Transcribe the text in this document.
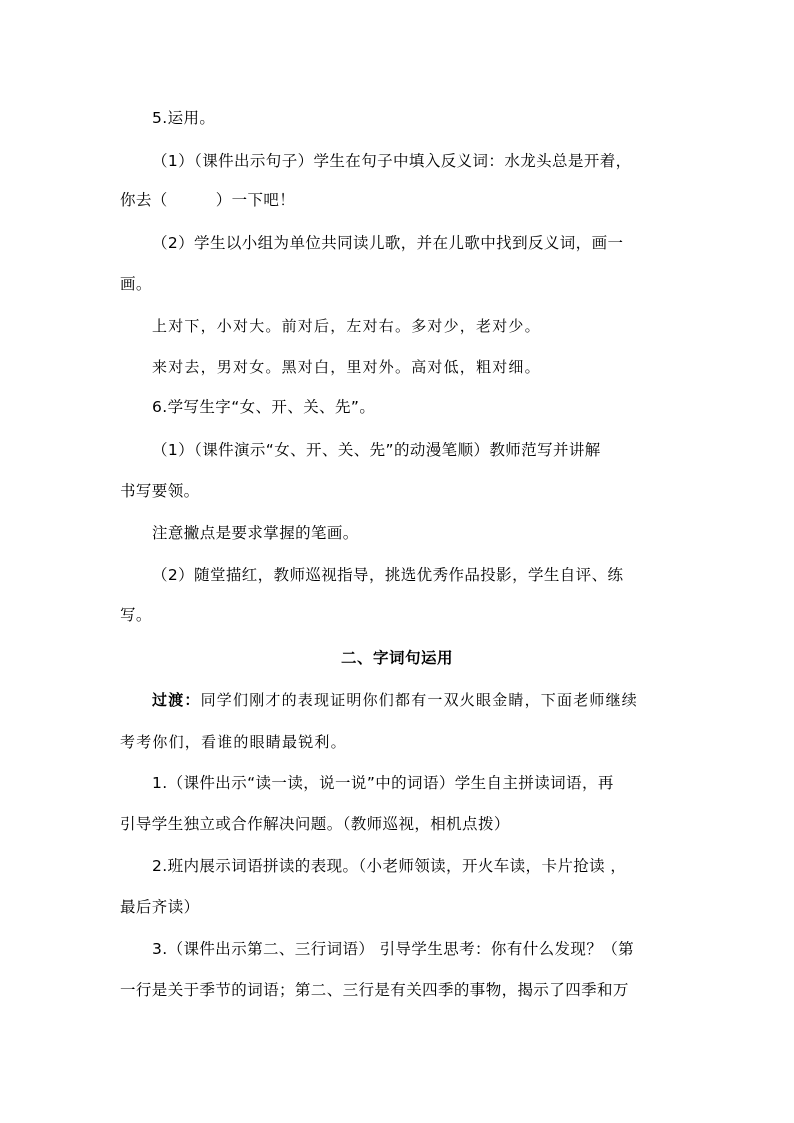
5.运用。
（1）（课件出示句子）学生在句子中填入反义词：水龙头总是开着，
你去（	）一下吧！
（2）学生以小组为单位共同读儿歌，并在儿歌中找到反义词，画一
画。
上对下，小对大。前对后，左对右。多对少，老对少。
来对去，男对女。黑对白，里对外。高对低，粗对细。
6.学写生字“女、开、关、先”。
（1）（课件演示“女、开、关、先”的动漫笔顺）教师范写并讲解
书写要领。
注意撇点是要求掌握的笔画。
（2）随堂描红，教师巡视指导，挑选优秀作品投影，学生自评、练
写。
二、字词句运用
过渡：同学们刚才的表现证明你们都有一双火眼金睛，下面老师继续
考考你们，看谁的眼睛最锐利。
1.（课件出示“读一读，说一说”中的词语）学生自主拼读词语，再
引导学生独立或合作解决问题。（教师巡视，相机点拨）
2.班内展示词语拼读的表现。（小老师领读，开火车读，卡片抢读 ，
最后齐读）
3.（课件出示第二、三行词语） 引导学生思考：你有什么发现？（第
一行是关于季节的词语；第二、三行是有关四季的事物，揭示了四季和万
